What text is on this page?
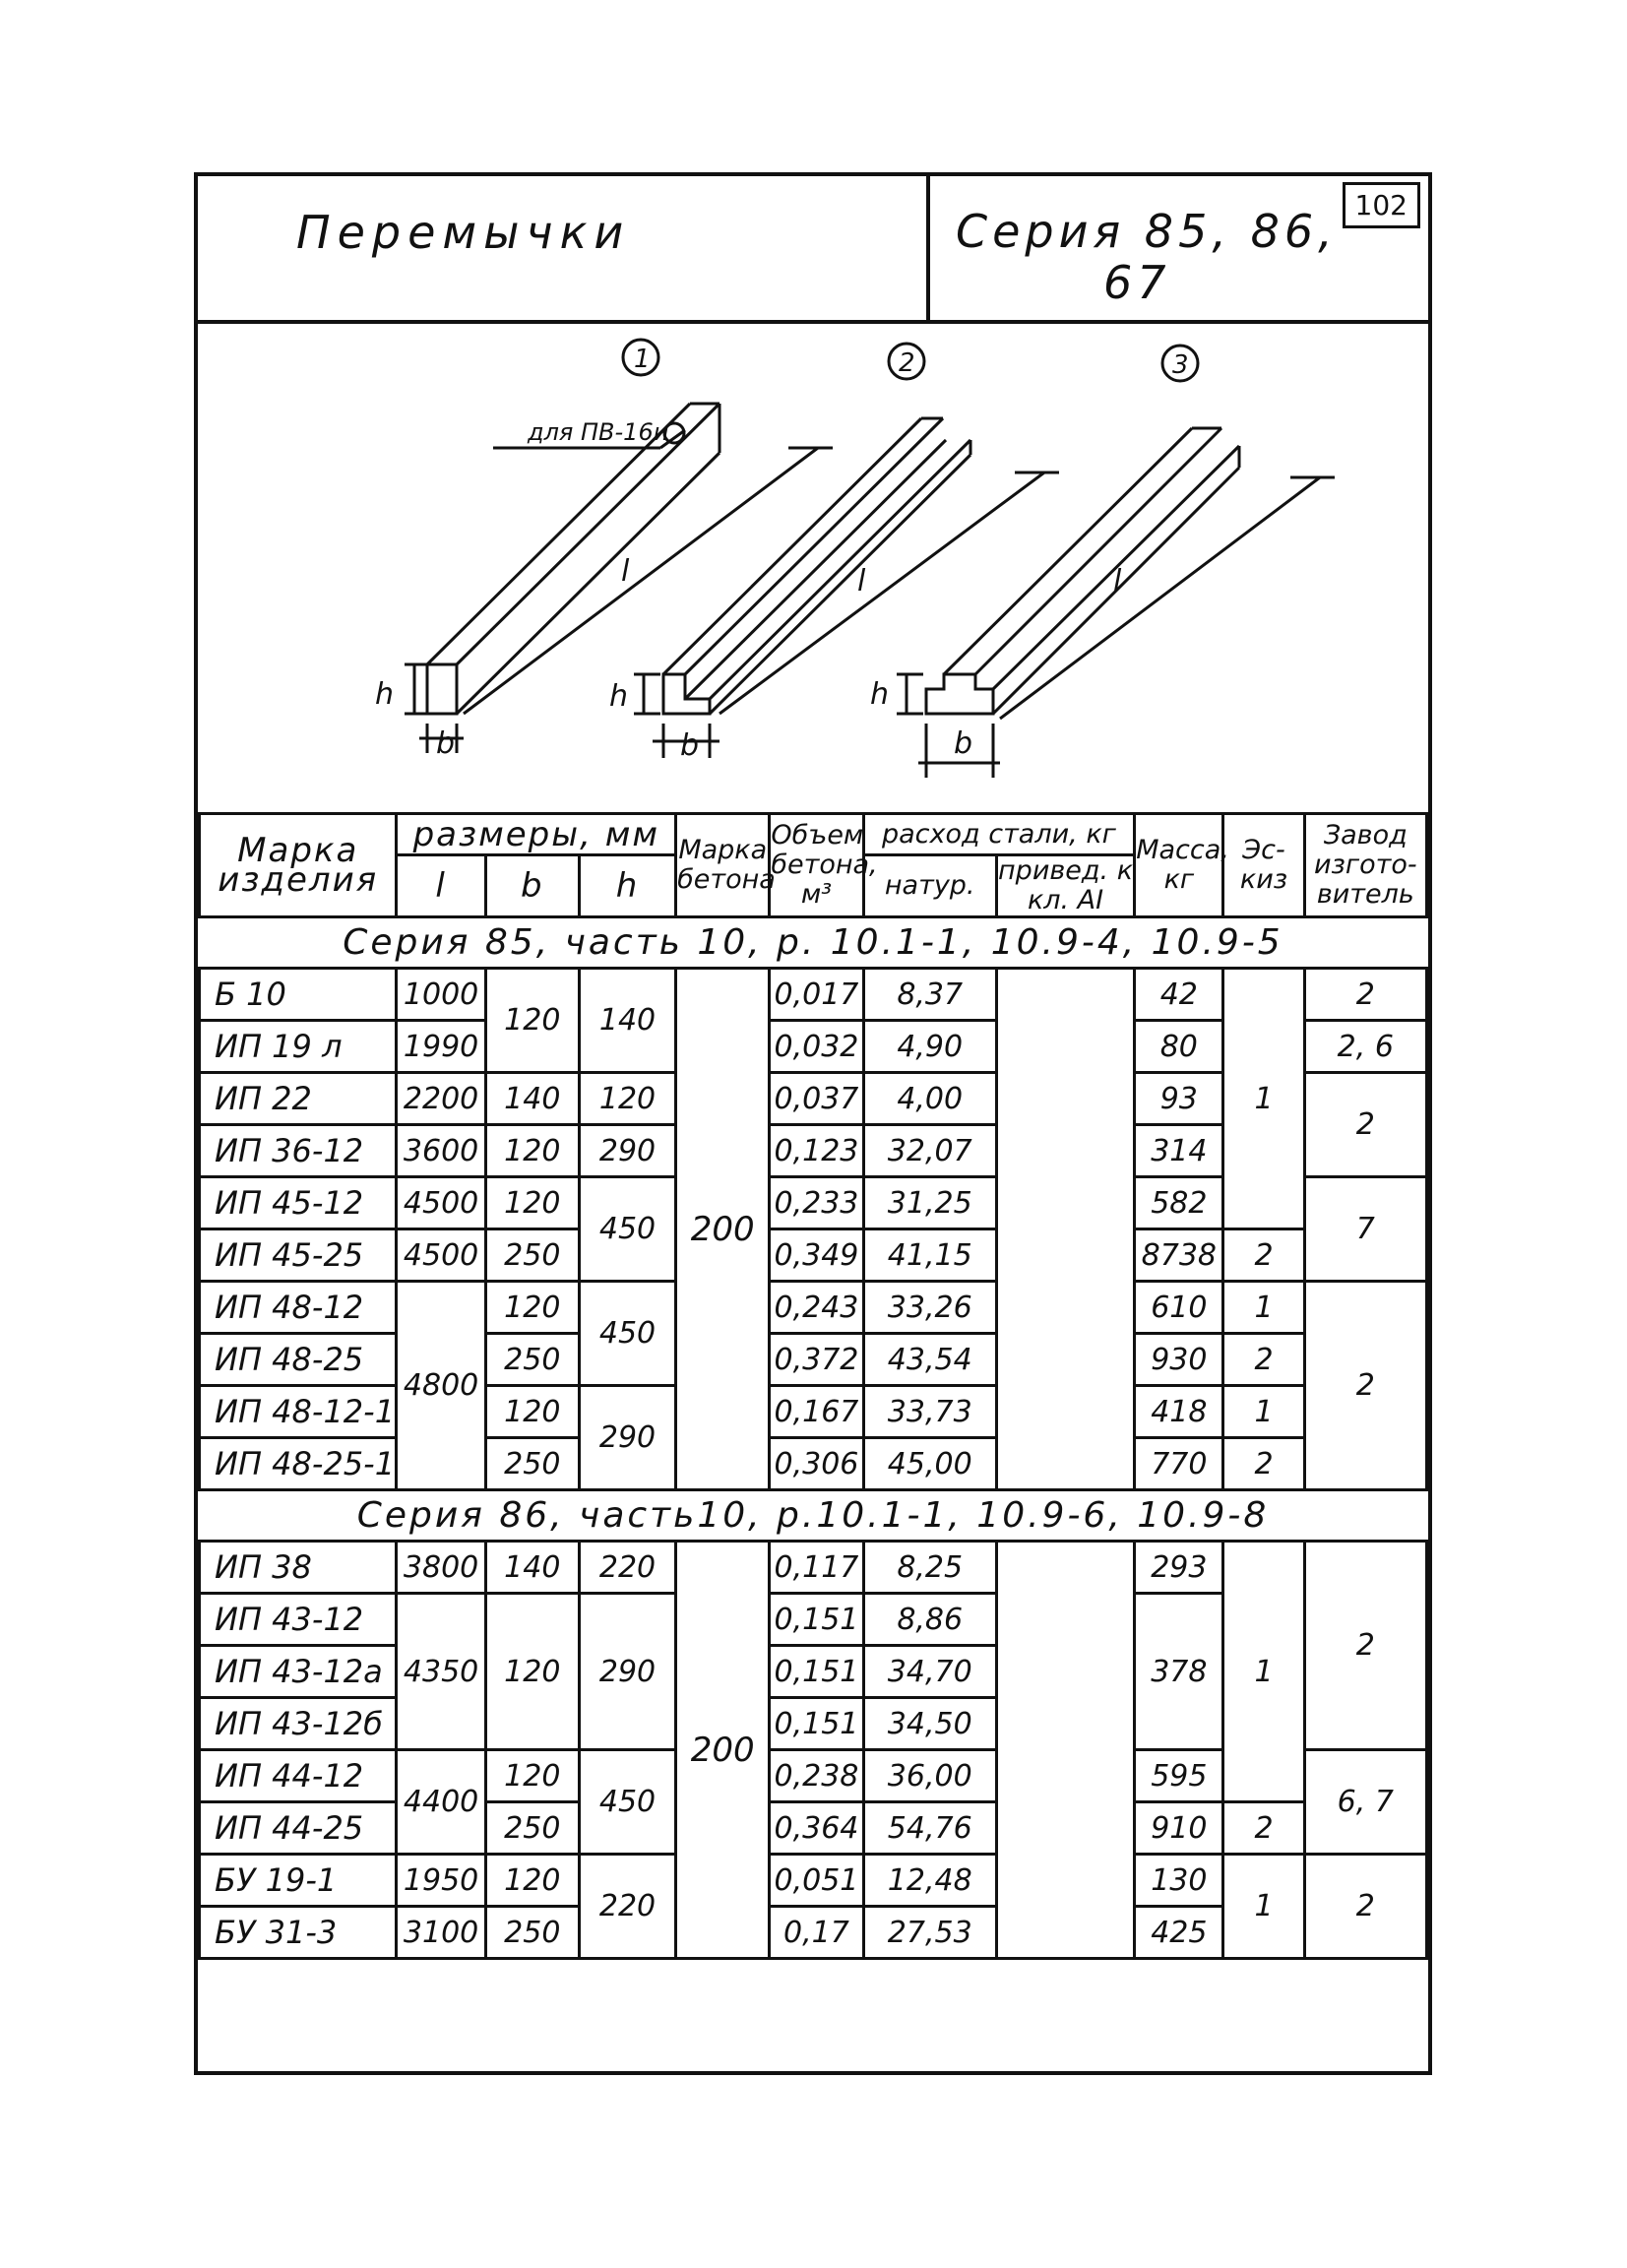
Перемычки	Серия 85, 86,
67
102
для ПВ-16и
h
b
l
1
h
b
l
2
h
b
l
3
Марка изделия	размеры, мм			Марка бетона	Объем бетона, м³	расход стали, кг		Масса, кг	Эс-киз	Завод изгото-витель
	l	b	h			натур.	привед. к кл. АI			
Серия 85, часть 10, р. 10.1-1, 10.9-4, 10.9-5										
Б 10	1000	120	140	200	0,017	8,37		42	1	2
ИП 19 л	1990				0,032	4,90		80		2, 6
ИП 22	2200	140	120		0,037	4,00		93		2
ИП 36-12	3600	120	290		0,123	32,07		314		
ИП 45-12	4500	120	450		0,233	31,25		582		7
ИП 45-25	4500	250			0,349	41,15		8738	2	
ИП 48-12	4800	120	450		0,243	33,26		610	1	2
ИП 48-25		250			0,372	43,54		930	2	
ИП 48-12-1		120	290		0,167	33,73		418	1	
ИП 48-25-1		250			0,306	45,00		770	2	
Серия 86, часть10, р.10.1-1, 10.9-6, 10.9-8										
ИП 38	3800	140	220	200	0,117	8,25		293	1	2
ИП 43-12	4350	120	290		0,151	8,86		378		
ИП 43-12а					0,151	34,70				
ИП 43-12б					0,151	34,50				
ИП 44-12	4400	120	450		0,238	36,00		595		6, 7
ИП 44-25		250			0,364	54,76		910	2	
БУ 19-1	1950	120	220		0,051	12,48		130	1	2
БУ 31-3	3100	250			0,17	27,53		425		
